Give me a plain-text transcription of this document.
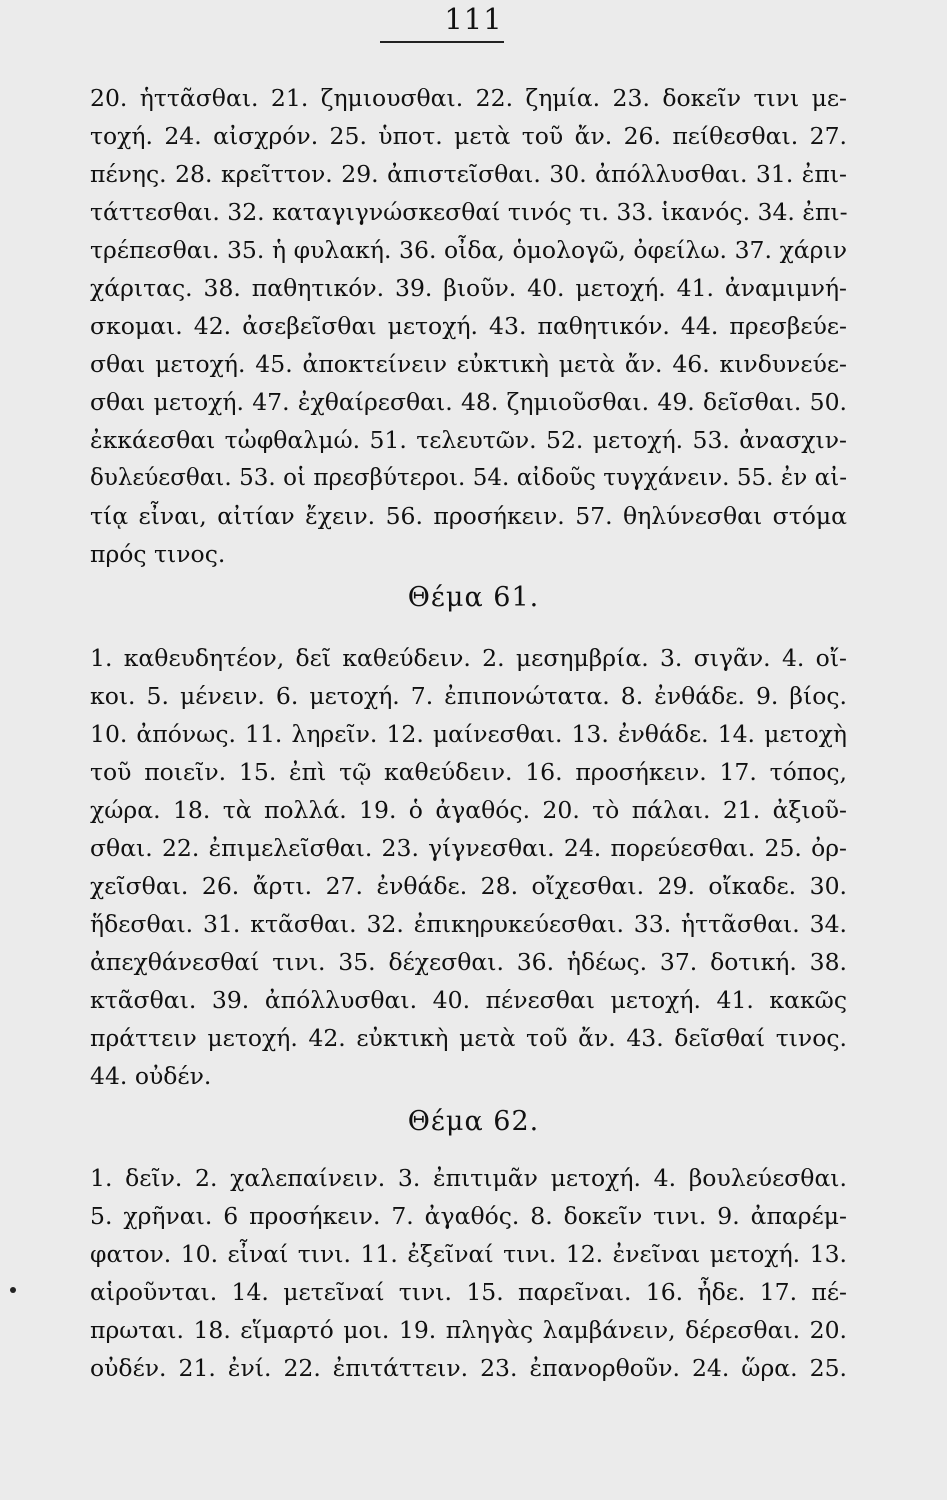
111
20. ἡττᾶσθαι. 21. ζημιουσθαι. 22. ζημία. 23. δοκεῖν τινι με-
τοχή. 24. αἰσχρόν. 25. ὑποτ. μετὰ τοῦ ἄν. 26. πείθεσθαι. 27.
πένης. 28. κρεῖττον. 29. ἀπιστεῖσθαι. 30. ἀπόλλυσθαι. 31. ἐπι-
τάττεσθαι. 32. καταγιγνώσκεσθαί τινός τι. 33. ἱκανός. 34. ἐπι-
τρέπεσθαι. 35. ἡ φυλακή. 36. οἶδα, ὁμολογῶ, ὀφείλω. 37. χάριν
χάριτας. 38. παθητικόν. 39. βιοῦν. 40. μετοχή. 41. ἀναμιμνή-
σκομαι. 42. ἀσεβεῖσθαι μετοχή. 43. παθητικόν. 44. πρεσβεύε-
σθαι μετοχή. 45. ἀποκτείνειν εὐκτικὴ μετὰ ἄν. 46. κινδυνεύε-
σθαι μετοχή. 47. ἐχθαίρεσθαι. 48. ζημιοῦσθαι. 49. δεῖσθαι. 50.
ἐκκάεσθαι τὠφθαλμώ. 51. τελευτῶν. 52. μετοχή. 53. ἀνασχιν-
δυλεύεσθαι. 53. οἱ πρεσβύτεροι. 54. αἰδοῦς τυγχάνειν. 55. ἐν αἰ-
τίᾳ εἶναι, αἰτίαν ἔχειν. 56. προσήκειν. 57. θηλύνεσθαι στόμα
πρός τινος.
Θέμα 61.
1. καθευδητέον, δεῖ καθεύδειν. 2. μεσημβρία. 3. σιγᾶν. 4. οἴ-
κοι. 5. μένειν. 6. μετοχή. 7. ἐπιπονώτατα. 8. ἐνθάδε. 9. βίος.
10. ἀπόνως. 11. ληρεῖν. 12. μαίνεσθαι. 13. ἐνθάδε. 14. μετοχὴ
τοῦ ποιεῖν. 15. ἐπὶ τῷ καθεύδειν. 16. προσήκειν. 17. τόπος,
χώρα. 18. τὰ πολλά. 19. ὁ ἀγαθός. 20. τὸ πάλαι. 21. ἀξιοῦ-
σθαι. 22. ἐπιμελεῖσθαι. 23. γίγνεσθαι. 24. πορεύεσθαι. 25. ὀρ-
χεῖσθαι. 26. ἄρτι. 27. ἐνθάδε. 28. οἴχεσθαι. 29. οἴκαδε. 30.
ἥδεσθαι. 31. κτᾶσθαι. 32. ἐπικηρυκεύεσθαι. 33. ἡττᾶσθαι. 34.
ἀπεχθάνεσθαί τινι. 35. δέχεσθαι. 36. ἡδέως. 37. δοτική. 38.
κτᾶσθαι. 39. ἀπόλλυσθαι. 40. πένεσθαι μετοχή. 41. κακῶς
πράττειν μετοχή. 42. εὐκτικὴ μετὰ τοῦ ἄν. 43. δεῖσθαί τινος.
44. οὐδέν.
Θέμα 62.
1. δεῖν. 2. χαλεπαίνειν. 3. ἐπιτιμᾶν μετοχή. 4. βουλεύεσθαι.
5. χρῆναι. 6 προσήκειν. 7. ἀγαθός. 8. δοκεῖν τινι. 9. ἀπαρέμ-
φατον. 10. εἶναί τινι. 11. ἐξεῖναί τινι. 12. ἐνεῖναι μετοχή. 13.
αἱροῦνται. 14. μετεῖναί τινι. 15. παρεῖναι. 16. ἦδε. 17. πέ-
πρωται. 18. εἵμαρτό μοι. 19. πληγὰς λαμβάνειν, δέρεσθαι. 20.
οὐδέν. 21. ἐνί. 22. ἐπιτάττειν. 23. ἐπανορθοῦν. 24. ὥρα. 25.
